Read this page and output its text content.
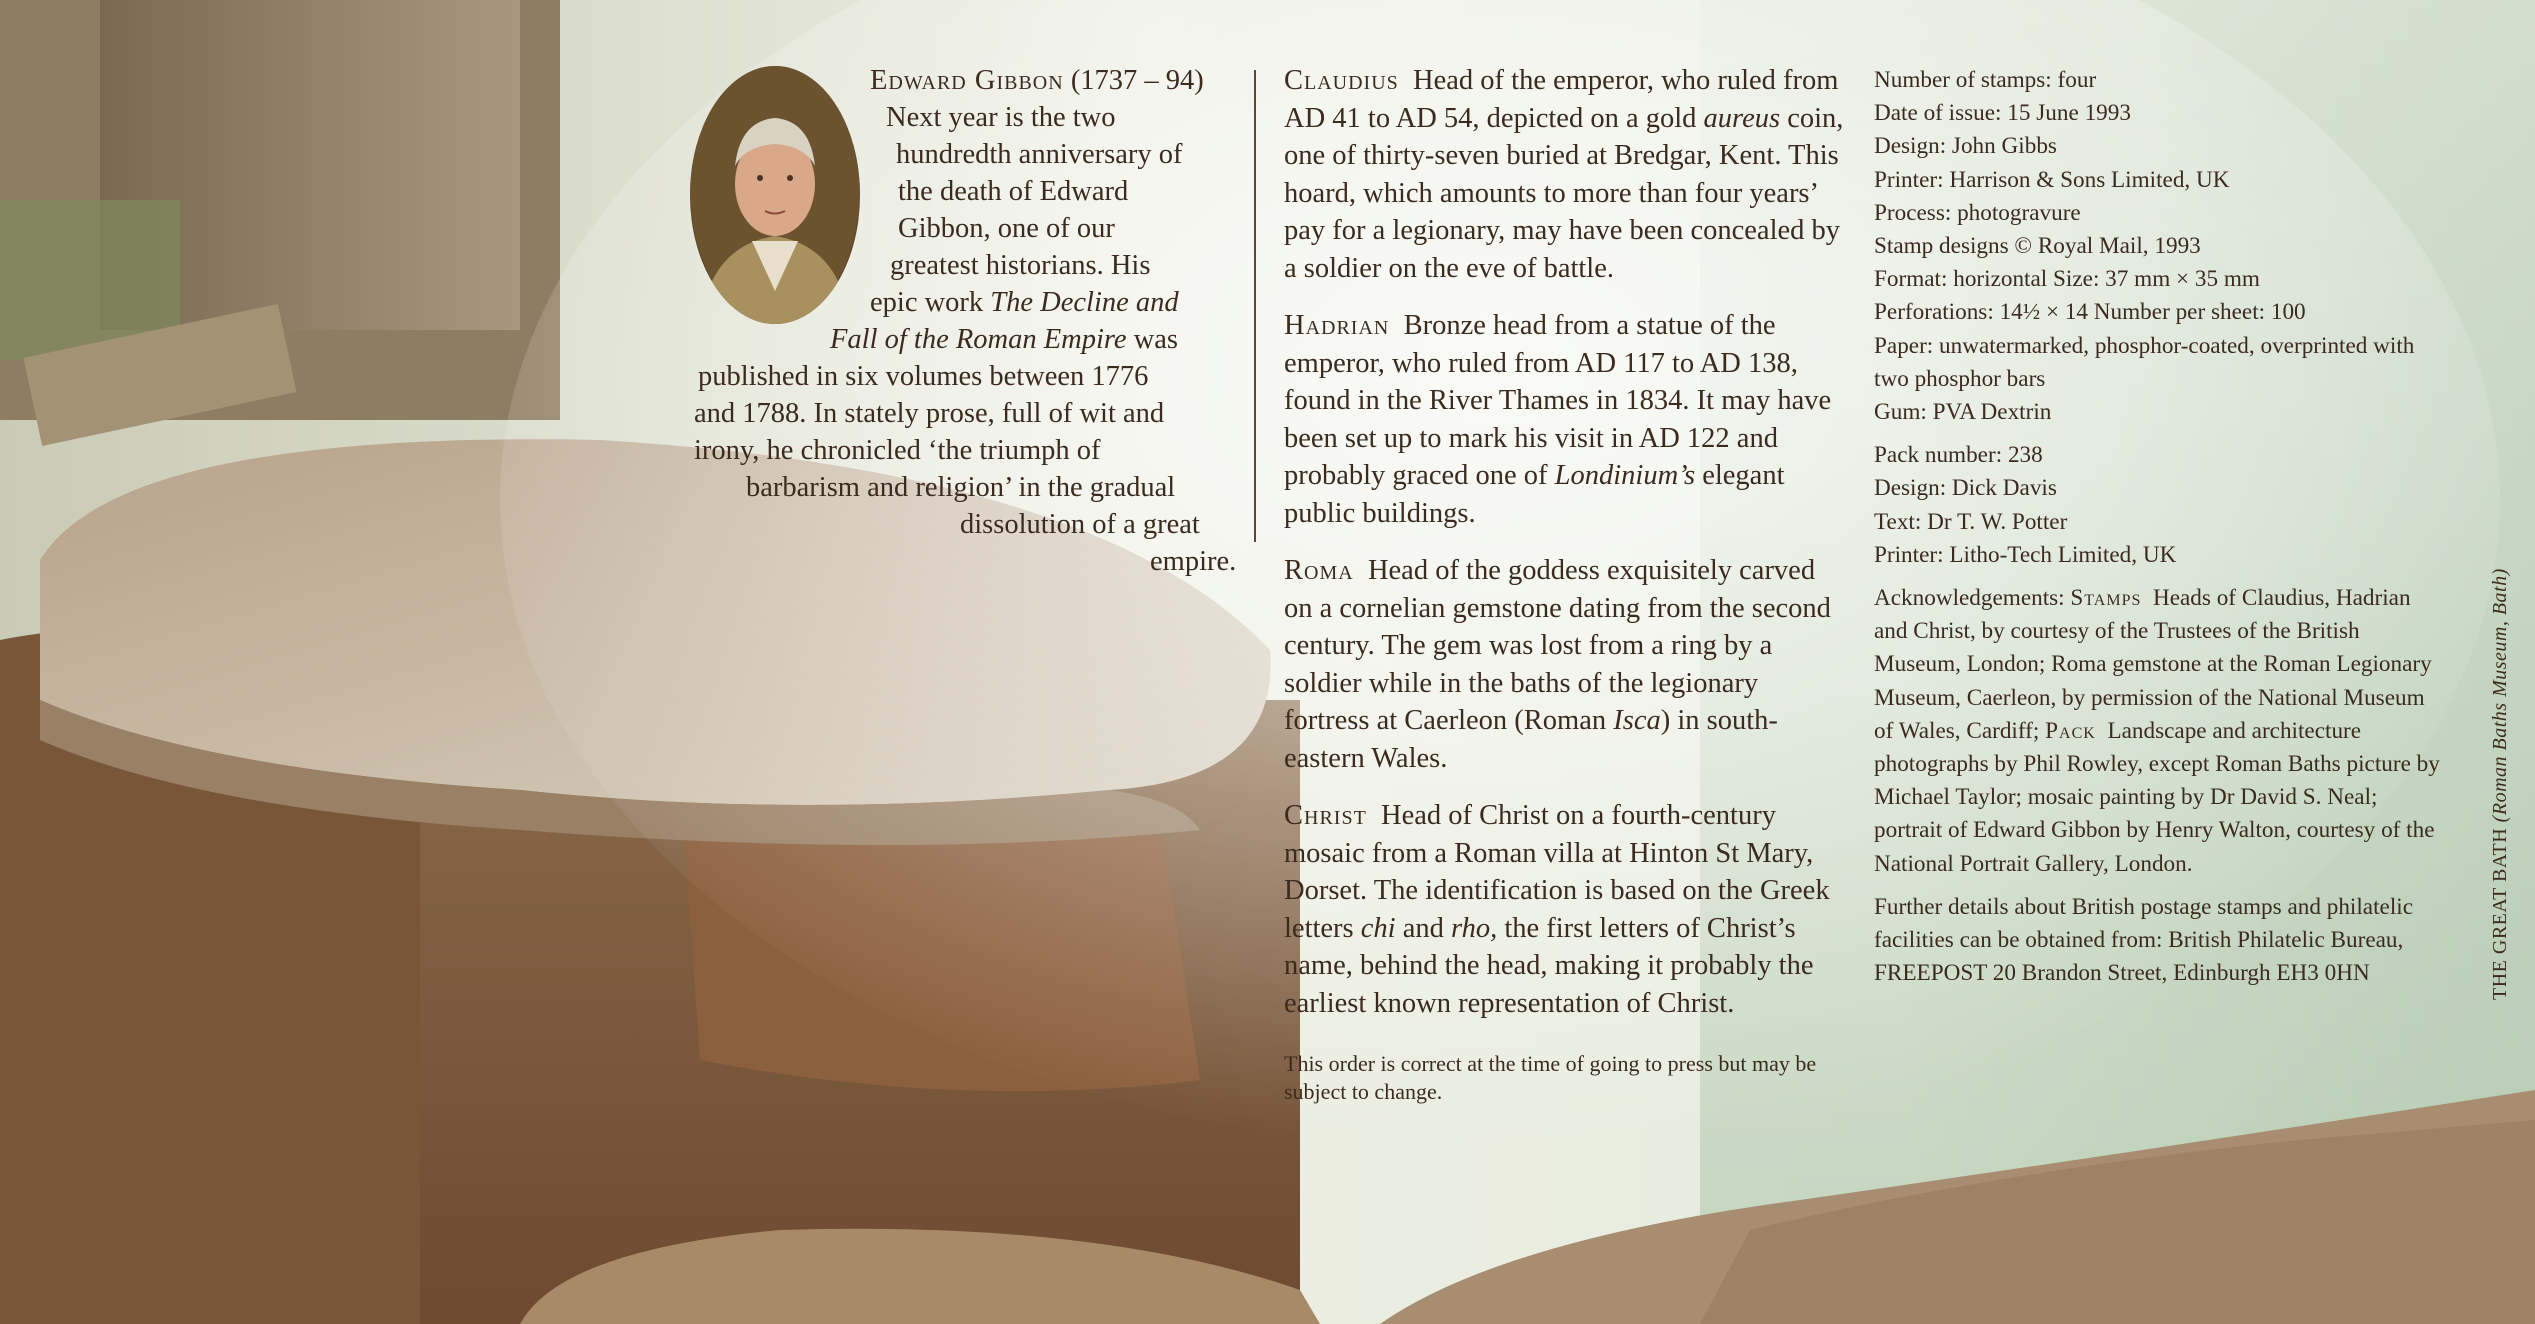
Edward Gibbon (1737 – 94)
Next year is the two
hundredth anniversary of
the death of Edward
Gibbon, one of our
greatest historians. His
epic work The Decline and
Fall of the Roman Empire was
published in six volumes between 1776
and 1788. In stately prose, full of wit and
irony, he chronicled ‘the triumph of
barbarism and religion’ in the gradual
dissolution of a great
empire.

Claudius Head of the emperor, who ruled from AD 41 to AD 54, depicted on a gold aureus coin, one of thirty-seven buried at Bredgar, Kent. This hoard, which amounts to more than four years’ pay for a legionary, may have been concealed by a soldier on the eve of battle.

Hadrian Bronze head from a statue of the emperor, who ruled from AD 117 to AD 138, found in the River Thames in 1834. It may have been set up to mark his visit in AD 122 and probably graced one of Londinium’s elegant public buildings.

Roma Head of the goddess exquisitely carved on a cornelian gemstone dating from the second century. The gem was lost from a ring by a soldier while in the baths of the legionary fortress at Caerleon (Roman Isca) in south-eastern Wales.

Christ Head of Christ on a fourth-century mosaic from a Roman villa at Hinton St Mary, Dorset. The identification is based on the Greek letters chi and rho, the first letters of Christ’s name, behind the head, making it probably the earliest known representation of Christ.

This order is correct at the time of going to press but may be subject to change.

Number of stamps: four
Date of issue: 15 June 1993
Design: John Gibbs
Printer: Harrison & Sons Limited, UK
Process: photogravure
Stamp designs © Royal Mail, 1993
Format: horizontal Size: 37 mm × 35 mm
Perforations: 14½ × 14 Number per sheet: 100
Paper: unwatermarked, phosphor-coated, overprinted with two phosphor bars
Gum: PVA Dextrin

Pack number: 238
Design: Dick Davis
Text: Dr T. W. Potter
Printer: Litho-Tech Limited, UK

Acknowledgements: Stamps Heads of Claudius, Hadrian and Christ, by courtesy of the Trustees of the British Museum, London; Roma gemstone at the Roman Legionary Museum, Caerleon, by permission of the National Museum of Wales, Cardiff; Pack Landscape and architecture photographs by Phil Rowley, except Roman Baths picture by Michael Taylor; mosaic painting by Dr David S. Neal; portrait of Edward Gibbon by Henry Walton, courtesy of the National Portrait Gallery, London.

Further details about British postage stamps and philatelic facilities can be obtained from: British Philatelic Bureau, FREEPOST 20 Brandon Street, Edinburgh EH3 0HN	THE GREAT BATH (Roman Baths Museum, Bath)
